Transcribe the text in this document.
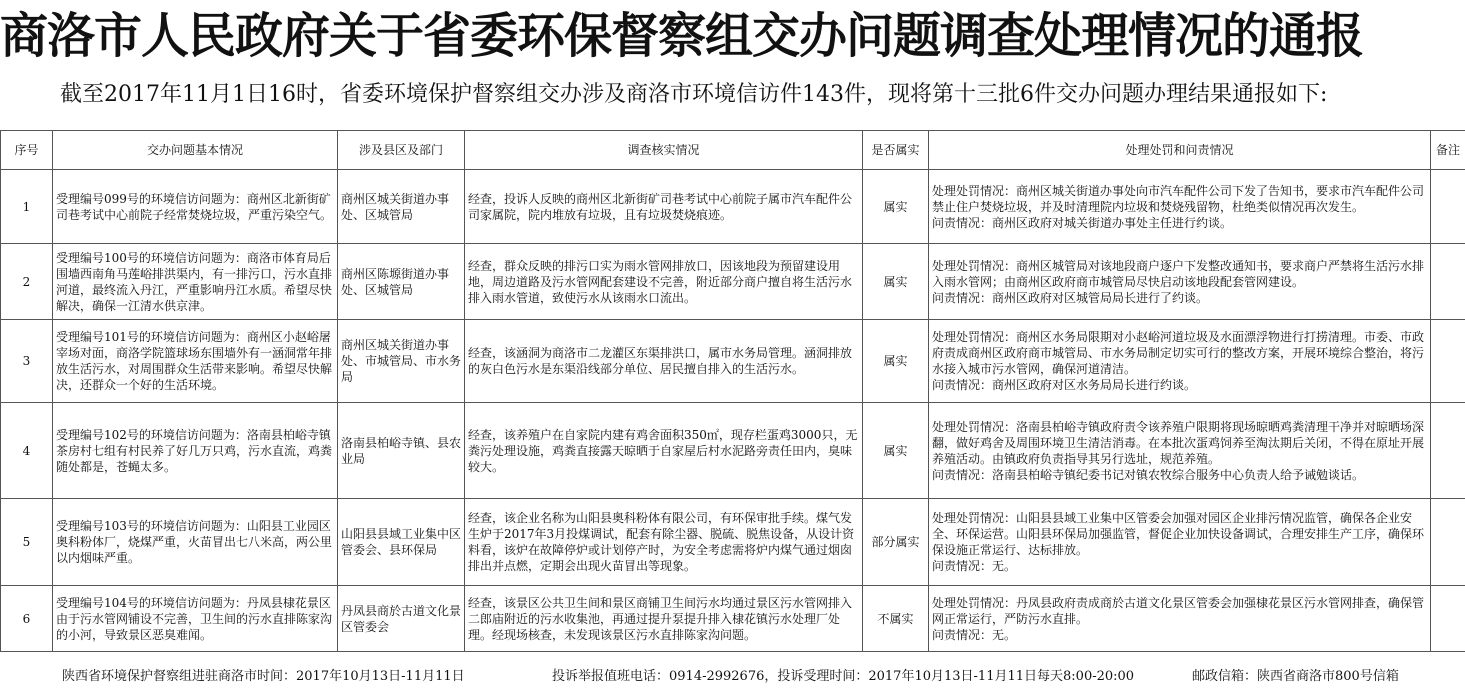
商洛市人民政府关于省委环保督察组交办问题调查处理情况的通报
截至2017年11月1日16时，省委环境保护督察组交办涉及商洛市环境信访件143件，现将第十三批6件交办问题办理结果通报如下:
序号	交办问题基本情况	涉及县区及部门	调查核实情况	是否属实	处理处罚和问责情况	备注
1	受理编号099号的环境信访问题为：商州区北新街矿司巷考试中心前院子经常焚烧垃圾，严重污染空气。	商州区城关街道办事处、区城管局	经查，投诉人反映的商州区北新街矿司巷考试中心前院子属市汽车配件公司家属院，院内堆放有垃圾，且有垃圾焚烧痕迹。	属实	处理处罚情况：商州区城关街道办事处向市汽车配件公司下发了告知书，要求市汽车配件公司禁止住户焚烧垃圾，并及时清理院内垃圾和焚烧残留物，杜绝类似情况再次发生。
问责情况：商州区政府对城关街道办事处主任进行约谈。	

2	受理编号100号的环境信访问题为：商洛市体育局后围墙西南角马莲峪排洪渠内，有一排污口，污水直排河道，最终流入丹江，严重影响丹江水质。希望尽快解决，确保一江清水供京津。	商州区陈塬街道办事处、区城管局	经查，群众反映的排污口实为雨水管网排放口，因该地段为预留建设用地，周边道路及污水管网配套建设不完善，附近部分商户擅自将生活污水排入雨水管道，致使污水从该雨水口流出。	属实	处理处罚情况：商州区城管局对该地段商户逐户下发整改通知书，要求商户严禁将生活污水排入雨水管网；由商州区政府商市城管局尽快启动该地段配套管网建设。
问责情况：商州区政府对区城管局局长进行了约谈。	

3	受理编号101号的环境信访问题为：商州区小赵峪屠宰场对面，商洛学院篮球场东围墙外有一涵洞常年排放生活污水，对周围群众生活带来影响。希望尽快解决，还群众一个好的生活环境。	商州区城关街道办事处、市城管局、市水务局	经查，该涵洞为商洛市二龙灌区东渠排洪口，属市水务局管理。涵洞排放的灰白色污水是东渠沿线部分单位、居民擅自排入的生活污水。	属实	处理处罚情况：商州区水务局限期对小赵峪河道垃圾及水面漂浮物进行打捞清理。市委、市政府责成商州区政府商市城管局、市水务局制定切实可行的整改方案，开展环境综合整治，将污水接入城市污水管网，确保河道清洁。
问责情况：商州区政府对区水务局局长进行约谈。	

4	受理编号102号的环境信访问题为：洛南县柏峪寺镇茶房村七组有村民养了好几万只鸡，污水直流，鸡粪随处都是，苍蝇太多。	洛南县柏峪寺镇、县农业局	经查，该养殖户在自家院内建有鸡舍面积350㎡，现存栏蛋鸡3000只，无粪污处理设施，鸡粪直接露天晾晒于自家屋后村水泥路旁责任田内，臭味较大。	属实	处理处罚情况：洛南县柏峪寺镇政府责令该养殖户限期将现场晾晒鸡粪清理干净并对晾晒场深翻，做好鸡舍及周围环境卫生清洁消毒。在本批次蛋鸡饲养至淘汰期后关闭，不得在原址开展养殖活动。由镇政府负责指导其另行选址，规范养殖。
问责情况：洛南县柏峪寺镇纪委书记对镇农牧综合服务中心负责人给予诫勉谈话。	

5	受理编号103号的环境信访问题为：山阳县工业园区奥科粉体厂，烧煤严重，火苗冒出七八米高，两公里以内烟味严重。	山阳县县域工业集中区管委会、县环保局	经查，该企业名称为山阳县奥科粉体有限公司，有环保审批手续。煤气发生炉于2017年3月投煤调试，配套有除尘器、脱硫、脱焦设备，从设计资料看，该炉在故障停炉或计划停产时，为安全考虑需将炉内煤气通过烟囱排出并点燃，定期会出现火苗冒出等现象。	部分属实	处理处罚情况：山阳县县域工业集中区管委会加强对园区企业排污情况监管，确保各企业安全、环保运营。山阳县环保局加强监管，督促企业加快设备调试，合理安排生产工序，确保环保设施正常运行、达标排放。
问责情况：无。	

6	受理编号104号的环境信访问题为：丹凤县棣花景区由于污水管网铺设不完善，卫生间的污水直排陈家沟的小河，导致景区恶臭难闻。	丹凤县商於古道文化景区管委会	经查，该景区公共卫生间和景区商铺卫生间污水均通过景区污水管网排入二郎庙附近的污水收集池，再通过提升泵提升排入棣花镇污水处理厂处理。经现场核查，未发现该景区污水直排陈家沟问题。	不属实	处理处罚情况：丹凤县政府责成商於古道文化景区管委会加强棣花景区污水管网排查，确保管网正常运行，严防污水直排。
问责情况：无。	

陕西省环境保护督察组进驻商洛市时间：2017年10月13日-11月11日	投诉举报值班电话：0914-2992676，投诉受理时间：2017年10月13日-11月11日每天8:00-20:00	邮政信箱：陕西省商洛市800号信箱
